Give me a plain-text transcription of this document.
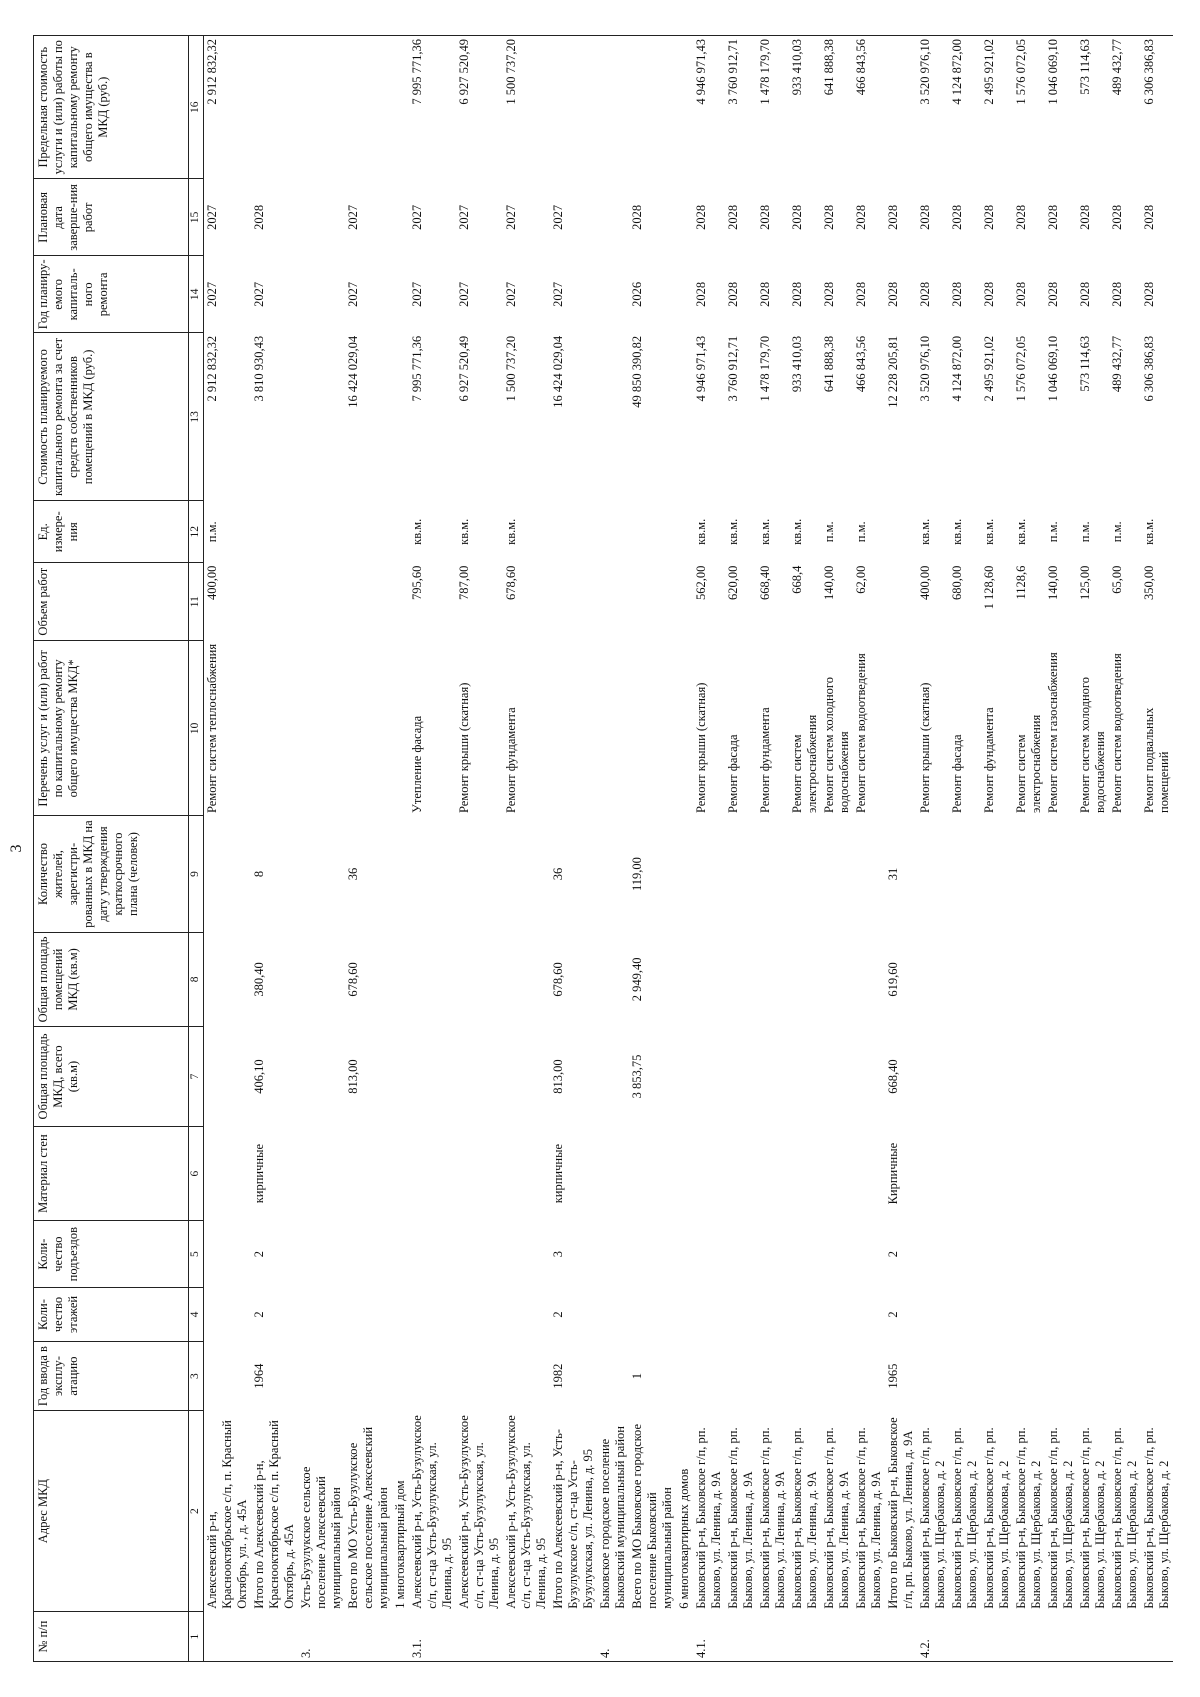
3
№ п/п	Адрес МКД	Год ввода в эксплу-атацию	Коли-чество этажей	Коли-чество подъездов	Материал стен	Общая площадь МКД, всего (кв.м)	Общая площадь помещений МКД (кв.м)	Количество жителей, зарегистри-рованных в МКД на дату утверждения краткосрочного плана (человек)	Перечень услуг и (или) работ по капитальному ремонту общего имущества МКД*	Объем работ	Ед. измере-ния	Стоимость планируемого капитального ремонта за счет средств собственников помещений в МКД (руб.)	Год планиру-емого капиталь-ного ремонта	Плановая дата заверше-ния работ	Предельная стоимость услуги и (или) работы по капитальному ремонту общего имущества в МКД (руб.)
1	2	3	4	5	6	7	8	9	10	11	12	13	14	15	16
	Алексеевский р-н, Краснооктябрьское с/п, п. Красный Октябрь, ул. , д. 45А								Ремонт систем теплоснабжения	400,00	п.м.	2 912 832,32	2027	2027	2 912 832,32
	Итого по Алексеевский р-н, Краснооктябрьское с/п, п. Красный Октябрь, д. 45А	1964	2	2	кирпичные	406,10	380,40	8				3 810 930,43	2027	2028	
3.	Усть-Бузулукское сельское поселение Алексеевский муниципальный район														
	Всего по МО Усть-Бузулукское сельское поселение Алексеевский муниципальный район					813,00	678,60	36				16 424 029,04	2027	2027	
	1 многоквартирный дом														
3.1.	Алексеевский р-н, Усть-Бузулукское с/п, ст-ца Усть-Бузулукская, ул. Ленина, д. 95								Утепление фасада	795,60	кв.м.	7 995 771,36	2027	2027	7 995 771,36
	Алексеевский р-н, Усть-Бузулукское с/п, ст-ца Усть-Бузулукская, ул. Ленина, д. 95								Ремонт крыши (скатная)	787,00	кв.м.	6 927 520,49	2027	2027	6 927 520,49
	Алексеевский р-н, Усть-Бузулукское с/п, ст-ца Усть-Бузулукская, ул. Ленина, д. 95								Ремонт фундамента	678,60	кв.м.	1 500 737,20	2027	2027	1 500 737,20
	Итого по Алексеевский р-н, Усть-Бузулукское с/п, ст-ца Усть-Бузулукская, ул. Ленина, д. 95	1982	2	3	кирпичные	813,00	678,60	36				16 424 029,04	2027	2027	
4.	Быковское городское поселение Быковский муниципальный район														
	Всего по МО Быковское городское поселение Быковский муниципальный район	1				3 853,75	2 949,40	119,00				49 850 390,82	2026	2028	
	6 многоквартирных домов														
4.1.	Быковский р-н, Быковское г/п, рп. Быково, ул. Ленина, д. 9А								Ремонт крыши (скатная)	562,00	кв.м.	4 946 971,43	2028	2028	4 946 971,43
	Быковский р-н, Быковское г/п, рп. Быково, ул. Ленина, д. 9А								Ремонт фасада	620,00	кв.м.	3 760 912,71	2028	2028	3 760 912,71
	Быковский р-н, Быковское г/п, рп. Быково, ул. Ленина, д. 9А								Ремонт фундамента	668,40	кв.м.	1 478 179,70	2028	2028	1 478 179,70
	Быковский р-н, Быковское г/п, рп. Быково, ул. Ленина, д. 9А								Ремонт систем электроснабжения	668,4	кв.м.	933 410,03	2028	2028	933 410,03
	Быковский р-н, Быковское г/п, рп. Быково, ул. Ленина, д. 9А								Ремонт систем холодного водоснабжения	140,00	п.м.	641 888,38	2028	2028	641 888,38
	Быковский р-н, Быковское г/п, рп. Быково, ул. Ленина, д. 9А								Ремонт систем водоотведения	62,00	п.м.	466 843,56	2028	2028	466 843,56
	Итого по Быковский р-н, Быковское г/п, рп. Быково, ул. Ленина, д. 9А	1965	2	2	Кирпичные	668,40	619,60	31				12 228 205,81	2028	2028	
4.2.	Быковский р-н, Быковское г/п, рп. Быково, ул. Щербакова, д. 2								Ремонт крыши (скатная)	400,00	кв.м.	3 520 976,10	2028	2028	3 520 976,10
	Быковский р-н, Быковское г/п, рп. Быково, ул. Щербакова, д. 2								Ремонт фасада	680,00	кв.м.	4 124 872,00	2028	2028	4 124 872,00
	Быковский р-н, Быковское г/п, рп. Быково, ул. Щербакова, д. 2								Ремонт фундамента	1 128,60	кв.м.	2 495 921,02	2028	2028	2 495 921,02
	Быковский р-н, Быковское г/п, рп. Быково, ул. Щербакова, д. 2								Ремонт систем электроснабжения	1128,6	кв.м.	1 576 072,05	2028	2028	1 576 072,05
	Быковский р-н, Быковское г/п, рп. Быково, ул. Щербакова, д. 2								Ремонт систем газоснабжения	140,00	п.м.	1 046 069,10	2028	2028	1 046 069,10
	Быковский р-н, Быковское г/п, рп. Быково, ул. Щербакова, д. 2								Ремонт систем холодного водоснабжения	125,00	п.м.	573 114,63	2028	2028	573 114,63
	Быковский р-н, Быковское г/п, рп. Быково, ул. Щербакова, д. 2								Ремонт систем водоотведения	65,00	п.м.	489 432,77	2028	2028	489 432,77
	Быковский р-н, Быковское г/п, рп. Быково, ул. Щербакова, д. 2								Ремонт подвальных помещений	350,00	кв.м.	6 306 386,83	2028	2028	6 306 386,83
